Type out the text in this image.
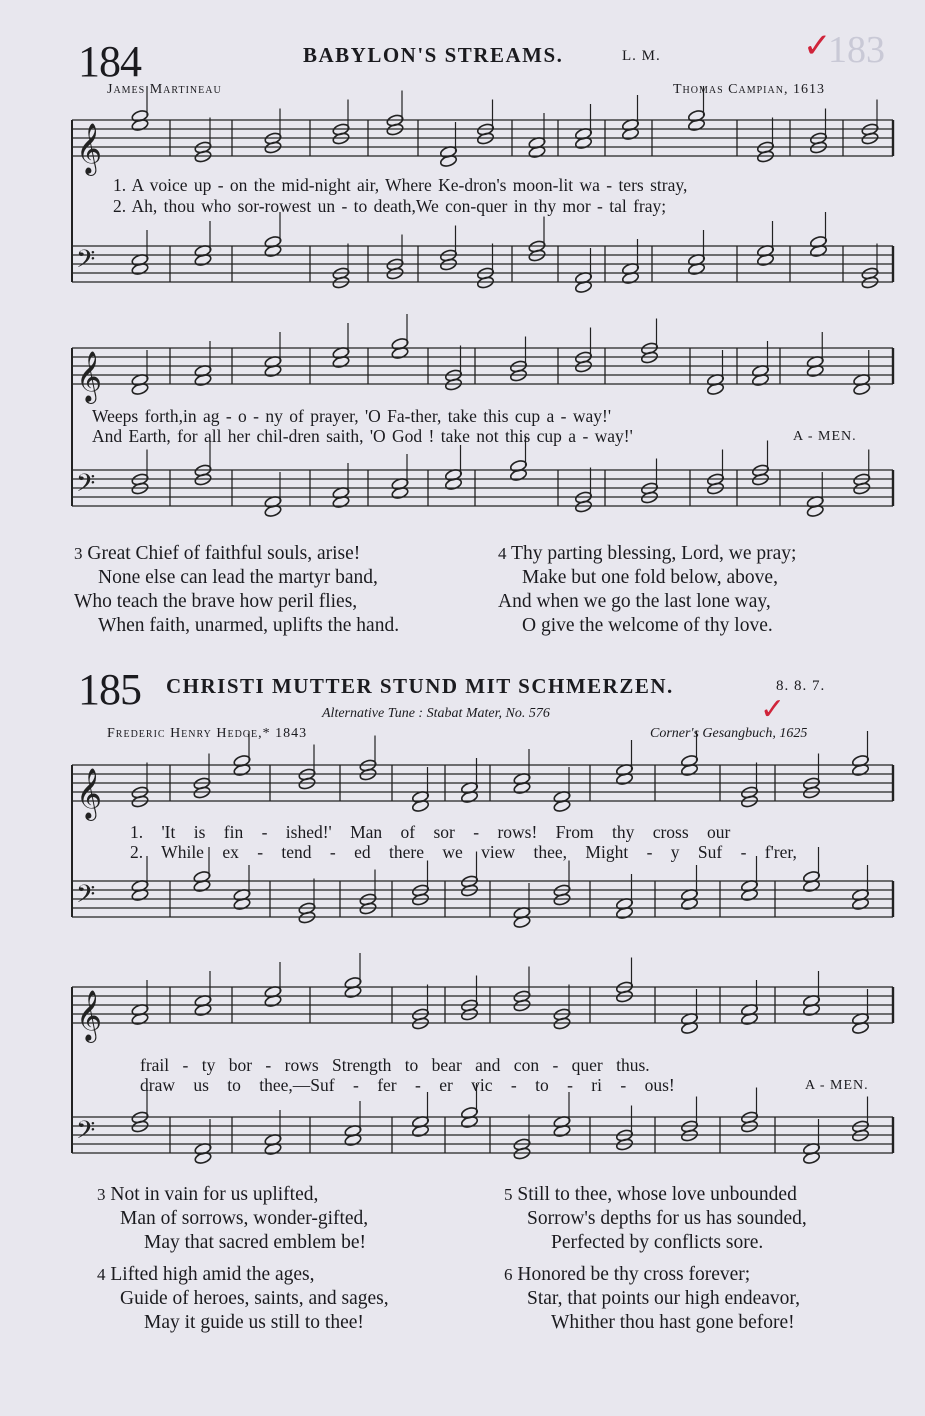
𝄞
𝄢
𝄞
𝄢
𝄞
𝄢
𝄞
𝄢
183
184	BABYLON'S STREAMS.	L. M.	✓
James Martineau	Thomas Campian, 1613
1. A voice up - on the mid-night air, Where Ke-dron's moon-lit wa - ters stray,
2. Ah, thou who sor-rowest un - to death,We con-quer in thy mor - tal fray;
Weeps forth,in ag - o - ny of prayer, 'O Fa-ther, take this cup a - way!'
And Earth, for all her chil-dren saith, 'O God ! take not this cup a - way!'	A - MEN.
3 Great Chief of faithful souls, arise!
None else can lead the martyr band,
Who teach the brave how peril flies,
When faith, unarmed, uplifts the hand.
4 Thy parting blessing, Lord, we pray;
Make but one fold below, above,
And when we go the last lone way,
O give the welcome of thy love.
185 CHRISTI MUTTER STUND MIT SCHMERZEN.	8. 8. 7.
Alternative Tune : Stabat Mater, No. 576	✓
Frederic Henry Hedge,* 1843	Corner's Gesangbuch, 1625
1. 'It is fin - ished!' Man of sor - rows! From thy cross our
2. While ex - tend - ed there we view thee, Might - y Suf - f'rer,
frail - ty bor - rows Strength to bear and con - quer thus.
draw us to thee,—Suf - fer - er vic - to - ri - ous!	A - MEN.
3 Not in vain for us uplifted,
Man of sorrows, wonder-gifted,
May that sacred emblem be!
5 Still to thee, whose love unbounded
Sorrow's depths for us has sounded,
Perfected by conflicts sore.
4 Lifted high amid the ages,
Guide of heroes, saints, and sages,
May it guide us still to thee!
6 Honored be thy cross forever;
Star, that points our high endeavor,
Whither thou hast gone before!
